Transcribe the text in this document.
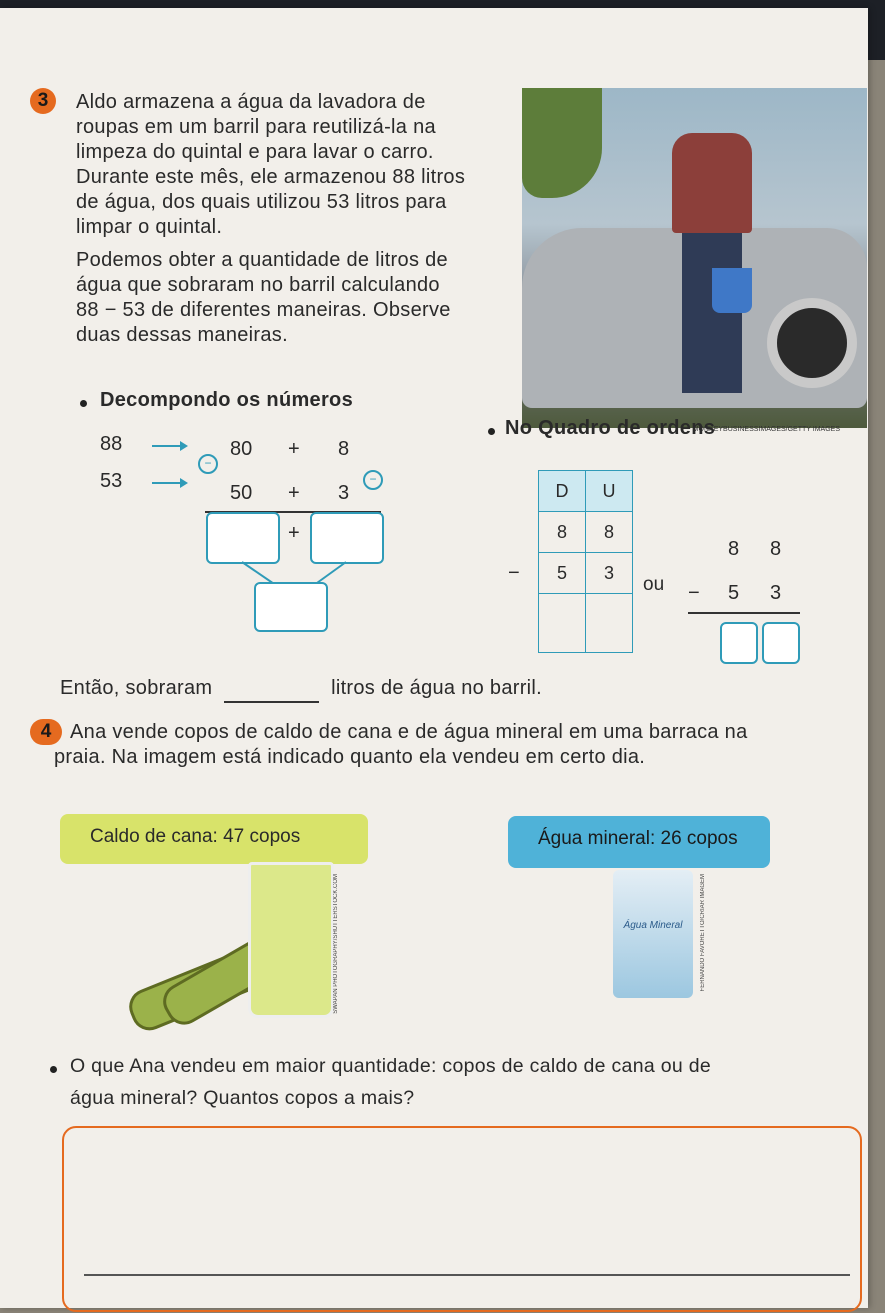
3	Aldo armazena a água da lavadora de
roupas em um barril para reutilizá-la na
limpeza do quintal e para lavar o carro.
Durante este mês, ele armazenou 88 litros
de água, dos quais utilizou 53 litros para
limpar o quintal.
Podemos obter a quantidade de litros de
água que sobraram no barril calculando
88 − 53 de diferentes maneiras. Observe
duas dessas maneiras.
MONKEYBUSINESSIMAGES/GETTY IMAGES
Decompondo os números
88
53
80 + 8
50 + 3
−
−
+
No Quadro de ordens
D	U
8	8
5	3

−
ou
8 8
− 5 3
Então, sobraram	litros de água no barril.
4 Ana vende copos de caldo de cana e de água mineral em uma barraca na
praia. Na imagem está indicado quanto ela vendeu em certo dia.
Caldo de cana: 47 copos	Água mineral: 26 copos
SWAPAN PHOTOGRAPHY/SHUTTERSTOCK.COM	Água Mineral	FERNANDO FAVORETTO/CRIAR IMAGEM
O que Ana vendeu em maior quantidade: copos de caldo de cana ou de
água mineral? Quantos copos a mais?
